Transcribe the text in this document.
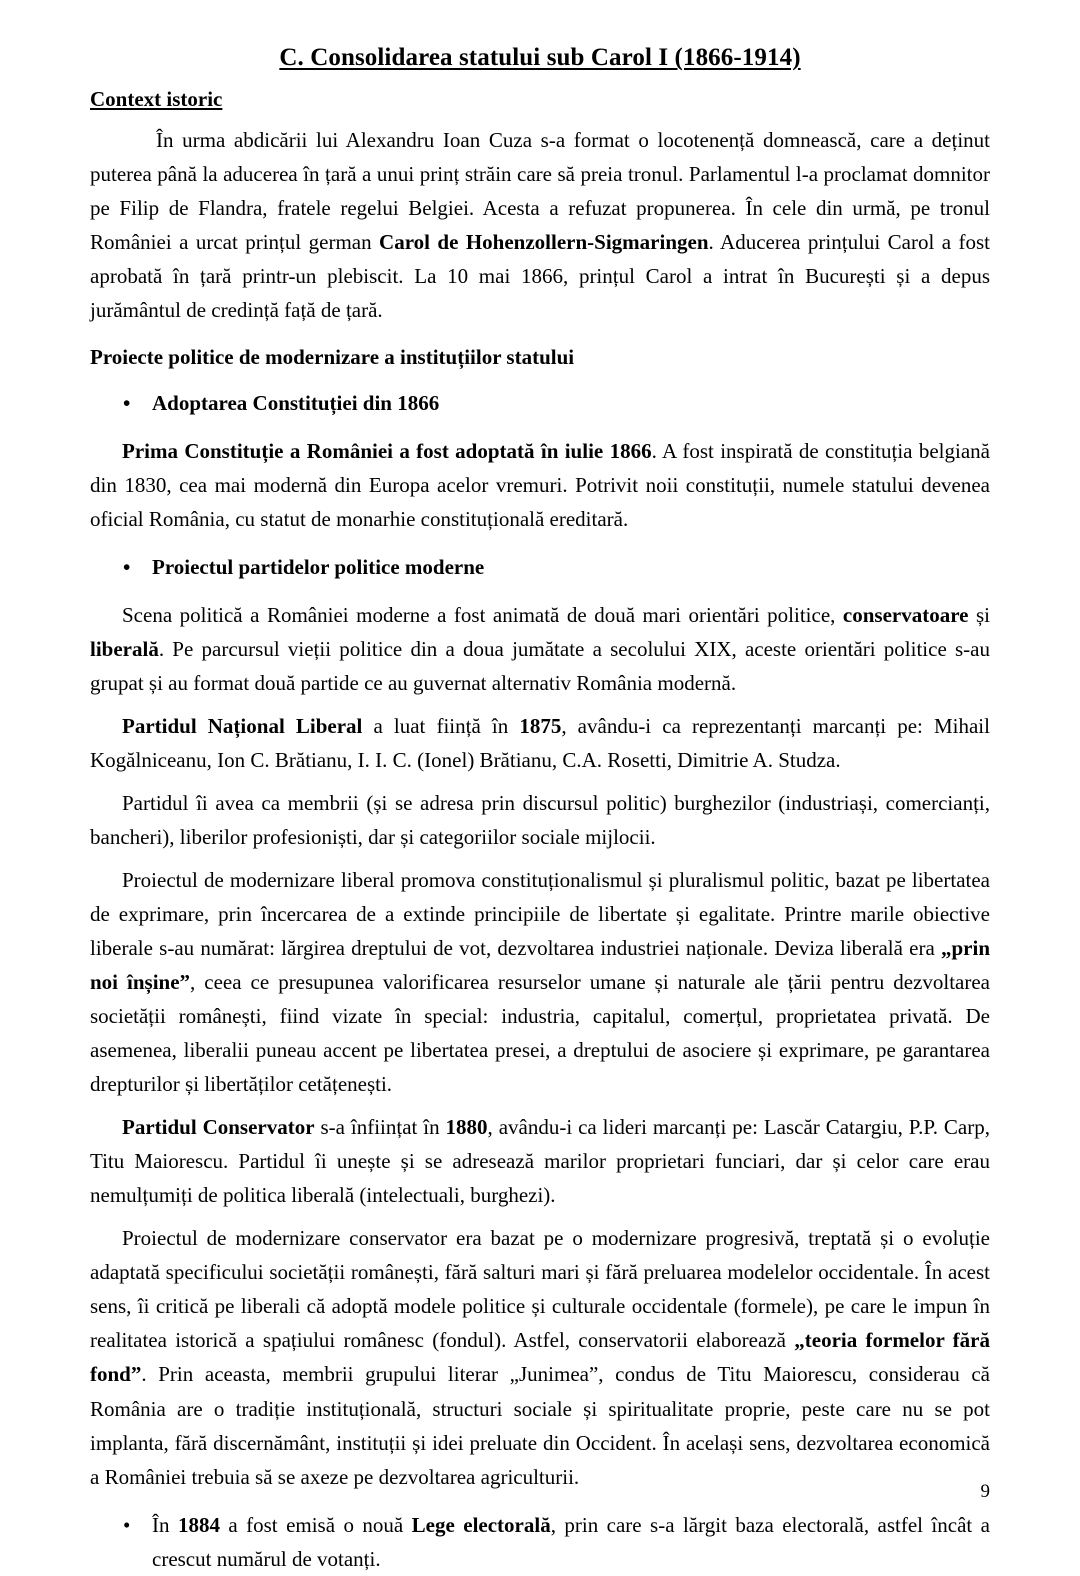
C. Consolidarea statului sub Carol I (1866-1914)
Context istoric

În urma abdicării lui Alexandru Ioan Cuza s-a format o locotenență domnească, care a deținut puterea până la aducerea în țară a unui prinț străin care să preia tronul. Parlamentul l-a proclamat domnitor pe Filip de Flandra, fratele regelui Belgiei. Acesta a refuzat propunerea. În cele din urmă, pe tronul României a urcat prințul german Carol de Hohenzollern-Sigmaringen. Aducerea prințului Carol a fost aprobată în țară printr-un plebiscit. La 10 mai 1866, prințul Carol a intrat în București și a depus jurământul de credință față de țară.

Proiecte politice de modernizare a instituțiilor statului
• Adoptarea Constituției din 1866

Prima Constituție a României a fost adoptată în iulie 1866. A fost inspirată de constituția belgiană din 1830, cea mai modernă din Europa acelor vremuri. Potrivit noii constituții, numele statului devenea oficial România, cu statut de monarhie constituțională ereditară.

• Proiectul partidelor politice moderne

Scena politică a României moderne a fost animată de două mari orientări politice, conservatoare și liberală. Pe parcursul vieții politice din a doua jumătate a secolului XIX, aceste orientări politice s-au grupat și au format două partide ce au guvernat alternativ România modernă.

Partidul Național Liberal a luat ființă în 1875, avându-i ca reprezentanți marcanți pe: Mihail Kogălniceanu, Ion C. Brătianu, I. I. C. (Ionel) Brătianu, C.A. Rosetti, Dimitrie A. Studza.

Partidul îi avea ca membrii (și se adresa prin discursul politic) burghezilor (industriași, comercianți, bancheri), liberilor profesioniști, dar și categoriilor sociale mijlocii.

Proiectul de modernizare liberal promova constituționalismul și pluralismul politic, bazat pe libertatea de exprimare, prin încercarea de a extinde principiile de libertate și egalitate. Printre marile obiective liberale s-au numărat: lărgirea dreptului de vot, dezvoltarea industriei naționale. Deviza liberală era „prin noi înșine”, ceea ce presupunea valorificarea resurselor umane și naturale ale țării pentru dezvoltarea societății românești, fiind vizate în special: industria, capitalul, comerțul, proprietatea privată. De asemenea, liberalii puneau accent pe libertatea presei, a dreptului de asociere și exprimare, pe garantarea drepturilor și libertăților cetățenești.

Partidul Conservator s-a înființat în 1880, avându-i ca lideri marcanți pe: Lascăr Catargiu, P.P. Carp, Titu Maiorescu. Partidul îi unește și se adresează marilor proprietari funciari, dar și celor care erau nemulțumiți de politica liberală (intelectuali, burghezi).

Proiectul de modernizare conservator era bazat pe o modernizare progresivă, treptată și o evoluție adaptată specificului societății românești, fără salturi mari și fără preluarea modelelor occidentale. În acest sens, îi critică pe liberali că adoptă modele politice și culturale occidentale (formele), pe care le impun în realitatea istorică a spațiului românesc (fondul). Astfel, conservatorii elaborează „teoria formelor fără fond”. Prin aceasta, membrii grupului literar „Junimea”, condus de Titu Maiorescu, considerau că România are o tradiție instituțională, structuri sociale și spiritualitate proprie, peste care nu se pot implanta, fără discernământ, instituții și idei preluate din Occident. În același sens, dezvoltarea economică a României trebuia să se axeze pe dezvoltarea agriculturii.

• În 1884 a fost emisă o nouă Lege electorală, prin care s-a lărgit baza electorală, astfel încât a crescut numărul de votanți.
9
